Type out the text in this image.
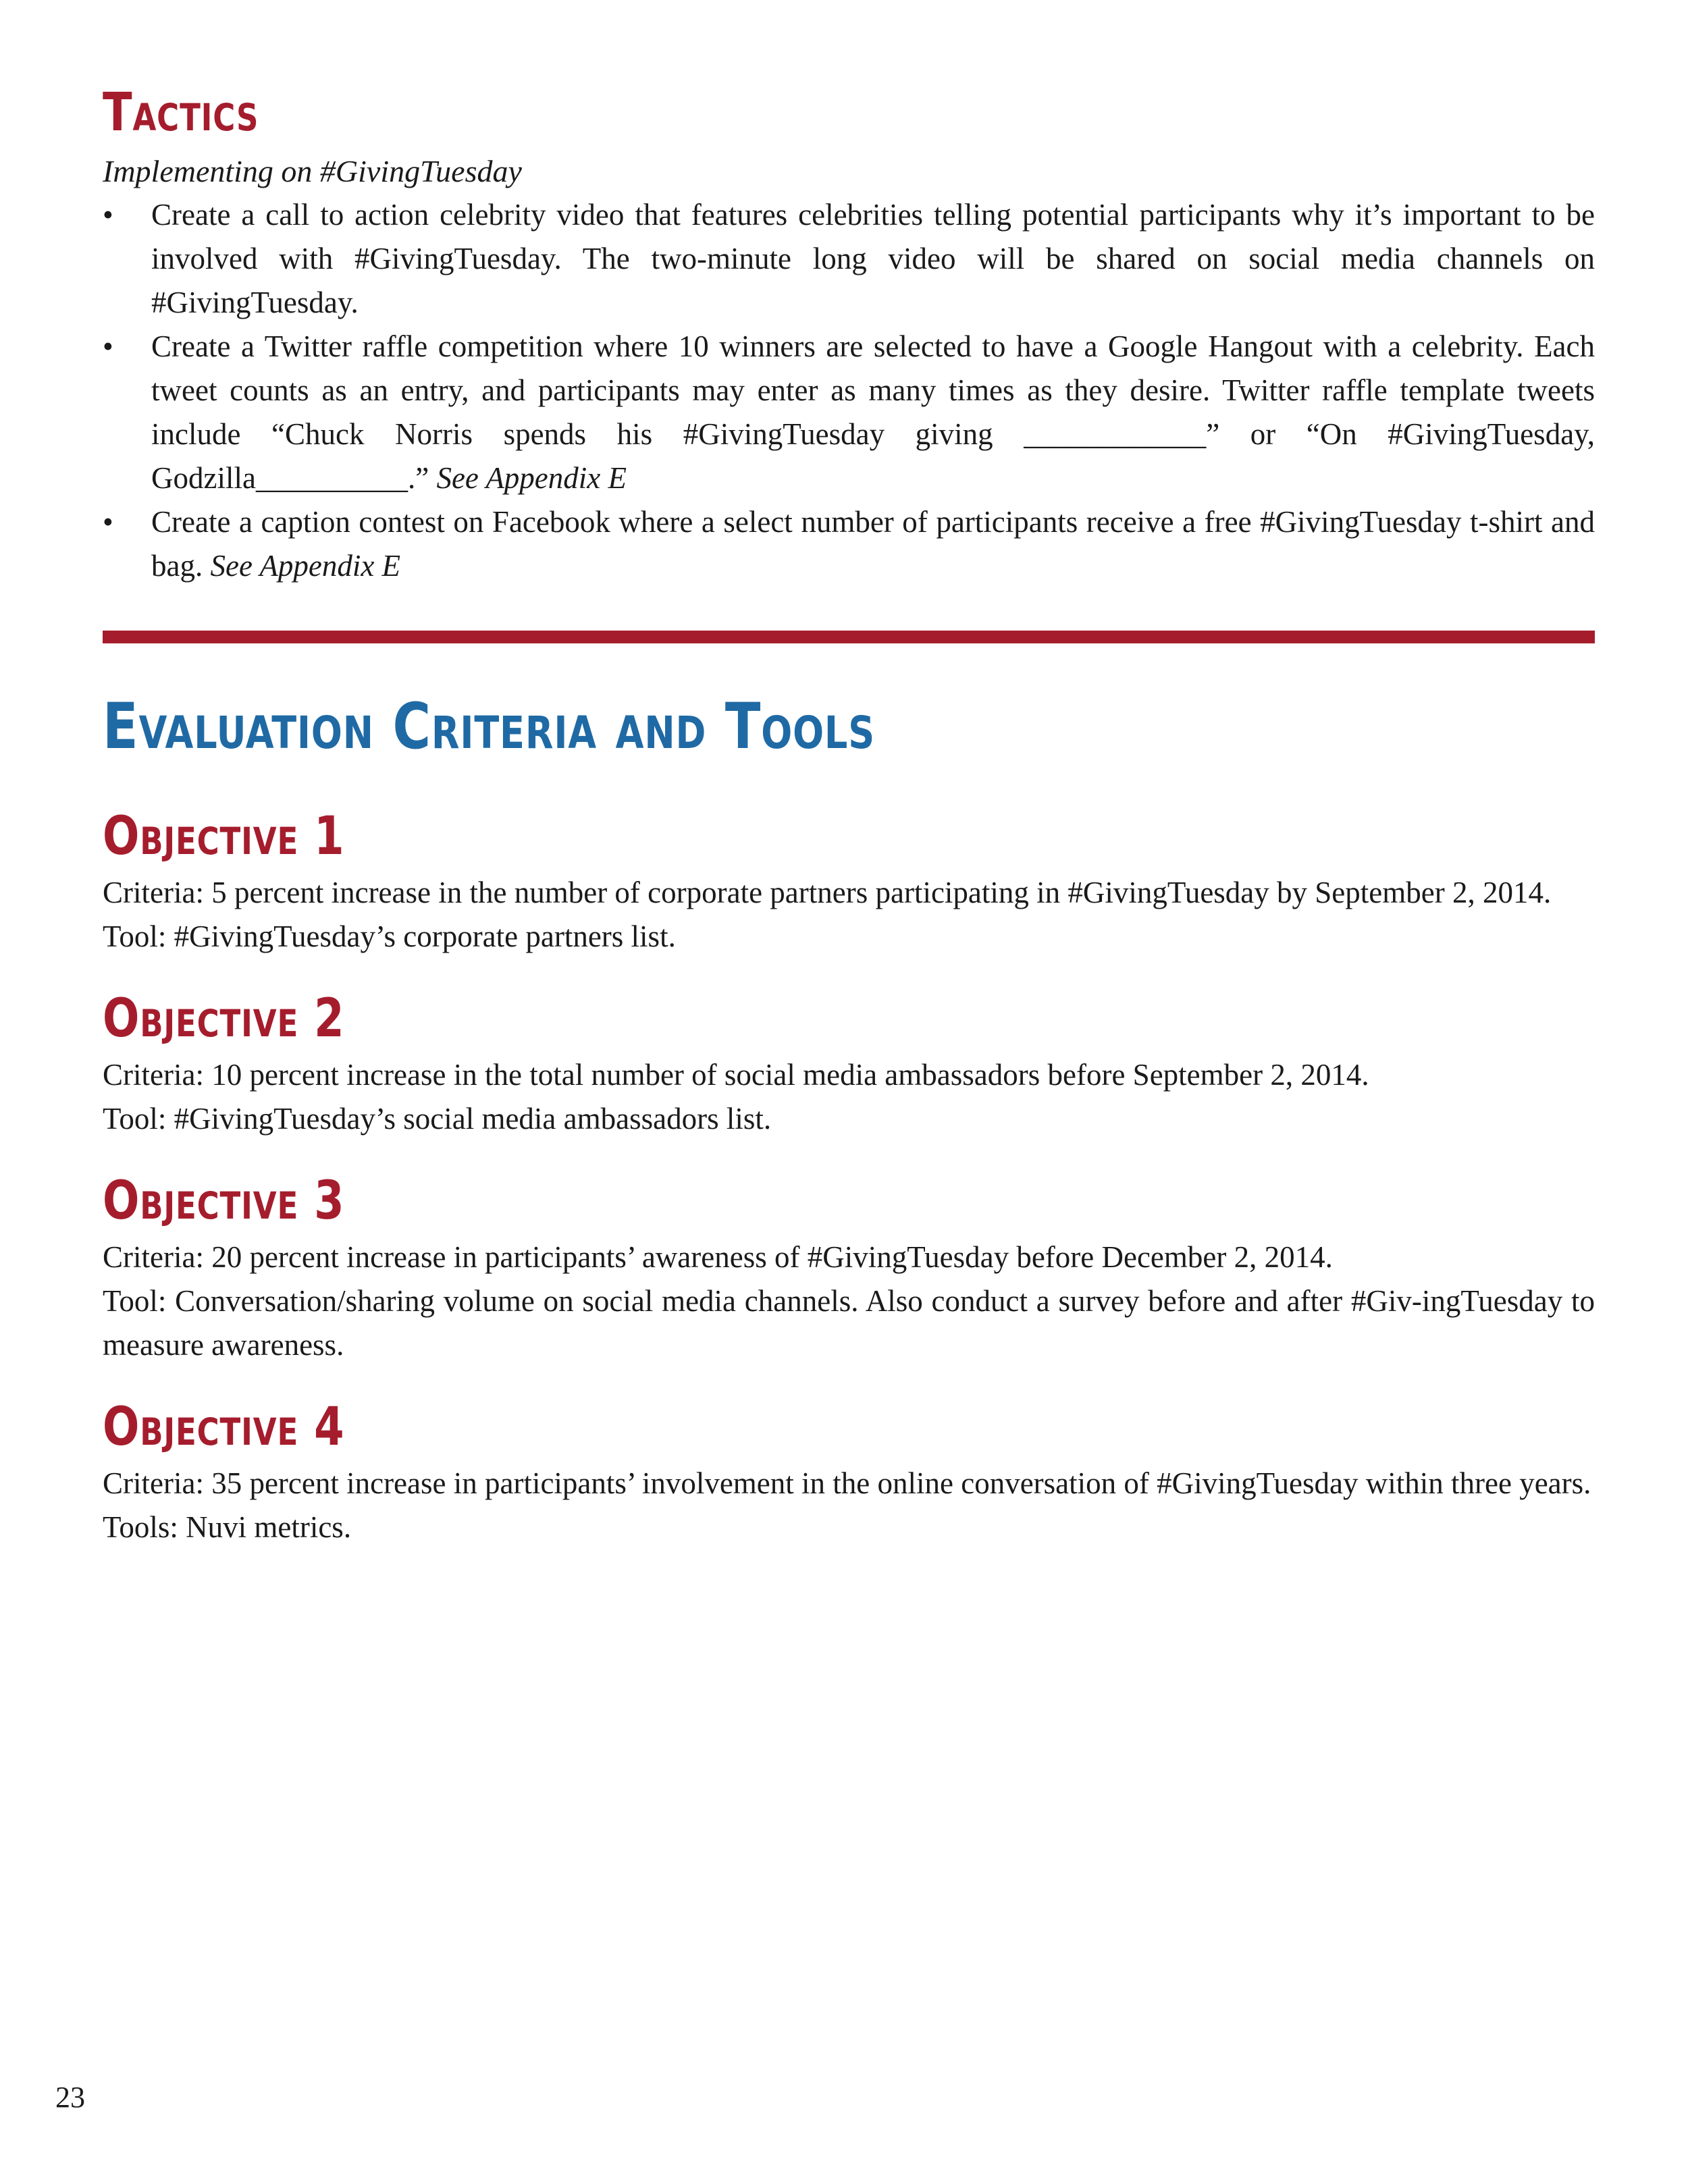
Tactics

Implementing on #GivingTuesday

• Create a call to action celebrity video that features celebrities telling potential participants why it’s important to be involved with #GivingTuesday. The two-minute long video will be shared on social media channels on #GivingTuesday.
• Create a Twitter raffle competition where 10 winners are selected to have a Google Hangout with a celebrity. Each tweet counts as an entry, and participants may enter as many times as they desire. Twitter raffle template tweets include “Chuck Norris spends his #GivingTuesday giving ____________” or “On #GivingTuesday, Godzilla__________.” See Appendix E
• Create a caption contest on Facebook where a select number of participants receive a free #GivingTuesday t-shirt and bag. See Appendix E
Evaluation Criteria and Tools
Objective 1

Criteria: 5 percent increase in the number of corporate partners participating in #GivingTuesday by September 2, 2014.

Tool: #GivingTuesday’s corporate partners list.

Objective 2

Criteria: 10 percent increase in the total number of social media ambassadors before September 2, 2014.

Tool: #GivingTuesday’s social media ambassadors list.

Objective 3

Criteria: 20 percent increase in participants’ awareness of #GivingTuesday before December 2, 2014.

Tool: Conversation/sharing volume on social media channels. Also conduct a survey before and after #Giv-ingTuesday to measure awareness.

Objective 4

Criteria: 35 percent increase in participants’ involvement in the online conversation of #GivingTuesday within three years.

Tools: Nuvi metrics.

23
